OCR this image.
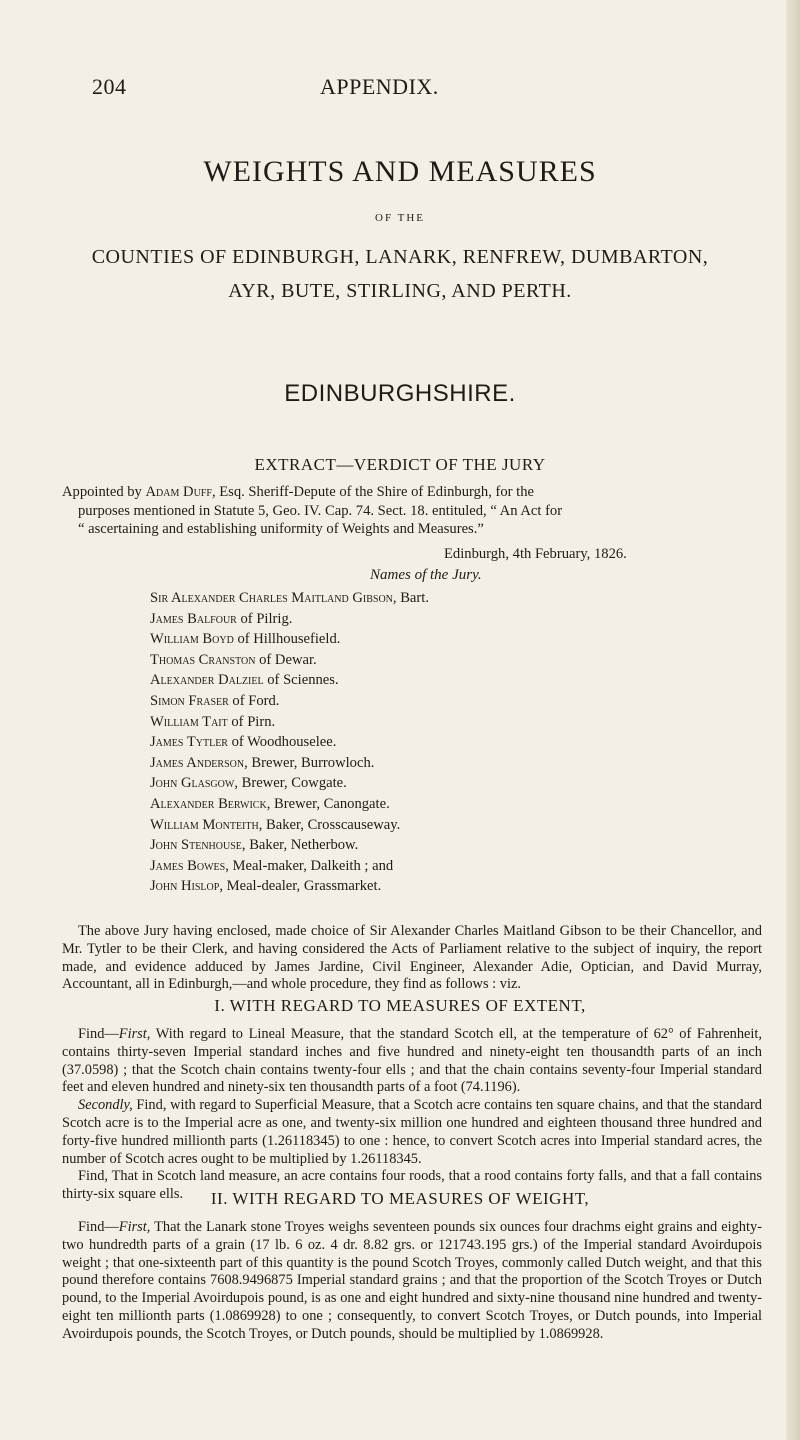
204	APPENDIX.
WEIGHTS AND MEASURES
OF THE
COUNTIES OF EDINBURGH, LANARK, RENFREW, DUMBARTON,
AYR, BUTE, STIRLING, AND PERTH.
EDINBURGHSHIRE.
EXTRACT—VERDICT OF THE JURY
Appointed by Adam Duff, Esq. Sheriff-Depute of the Shire of Edinburgh, for the
purposes mentioned in Statute 5, Geo. IV. Cap. 74. Sect. 18. entituled, “ An Act for
“ ascertaining and establishing uniformity of Weights and Measures.”
Edinburgh, 4th February, 1826.
Names of the Jury.
Sir Alexander Charles Maitland Gibson, Bart.
James Balfour of Pilrig.
William Boyd of Hillhousefield.
Thomas Cranston of Dewar.
Alexander Dalziel of Sciennes.
Simon Fraser of Ford.
William Tait of Pirn.
James Tytler of Woodhouselee.
James Anderson, Brewer, Burrowloch.
John Glasgow, Brewer, Cowgate.
Alexander Berwick, Brewer, Canongate.
William Monteith, Baker, Crosscauseway.
John Stenhouse, Baker, Netherbow.
James Bowes, Meal-maker, Dalkeith ; and
John Hislop, Meal-dealer, Grassmarket.

The above Jury having enclosed, made choice of Sir Alexander Charles Maitland Gibson to be their Chancellor, and Mr. Tytler to be their Clerk, and having considered the Acts of Parliament relative to the subject of inquiry, the report made, and evidence adduced by James Jardine, Civil Engineer, Alexander Adie, Optician, and David Murray, Accountant, all in Edinburgh,—and whole procedure, they find as follows : viz.

I. WITH REGARD TO MEASURES OF EXTENT,

Find—First, With regard to Lineal Measure, that the standard Scotch ell, at the temperature of 62° of Fahrenheit, contains thirty-seven Imperial standard inches and five hundred and ninety-eight ten thousandth parts of an inch (37.0598) ; that the Scotch chain contains twenty-four ells ; and that the chain contains seventy-four Imperial standard feet and eleven hundred and ninety-six ten thousandth parts of a foot (74.1196).
Secondly, Find, with regard to Superficial Measure, that a Scotch acre contains ten square chains, and that the standard Scotch acre is to the Imperial acre as one, and twenty-six million one hundred and eighteen thousand three hundred and forty-five hundred millionth parts (1.26118345) to one : hence, to convert Scotch acres into Imperial standard acres, the number of Scotch acres ought to be multiplied by 1.26118345.
Find, That in Scotch land measure, an acre contains four roods, that a rood contains forty falls, and that a fall contains thirty-six square ells.	II. WITH REGARD TO MEASURES OF WEIGHT,

Find—First, That the Lanark stone Troyes weighs seventeen pounds six ounces four drachms eight grains and eighty-two hundredth parts of a grain (17 lb. 6 oz. 4 dr. 8.82 grs. or 121743.195 grs.) of the Imperial standard Avoirdupois weight ; that one-sixteenth part of this quantity is the pound Scotch Troyes, commonly called Dutch weight, and that this pound therefore contains 7608.9496875 Imperial standard grains ; and that the proportion of the Scotch Troyes or Dutch pound, to the Imperial Avoirdupois pound, is as one and eight hundred and sixty-nine thousand nine hundred and twenty-eight ten millionth parts (1.0869928) to one ; consequently, to convert Scotch Troyes, or Dutch pounds, into Imperial Avoirdupois pounds, the Scotch Troyes, or Dutch pounds, should be multiplied by 1.0869928.
